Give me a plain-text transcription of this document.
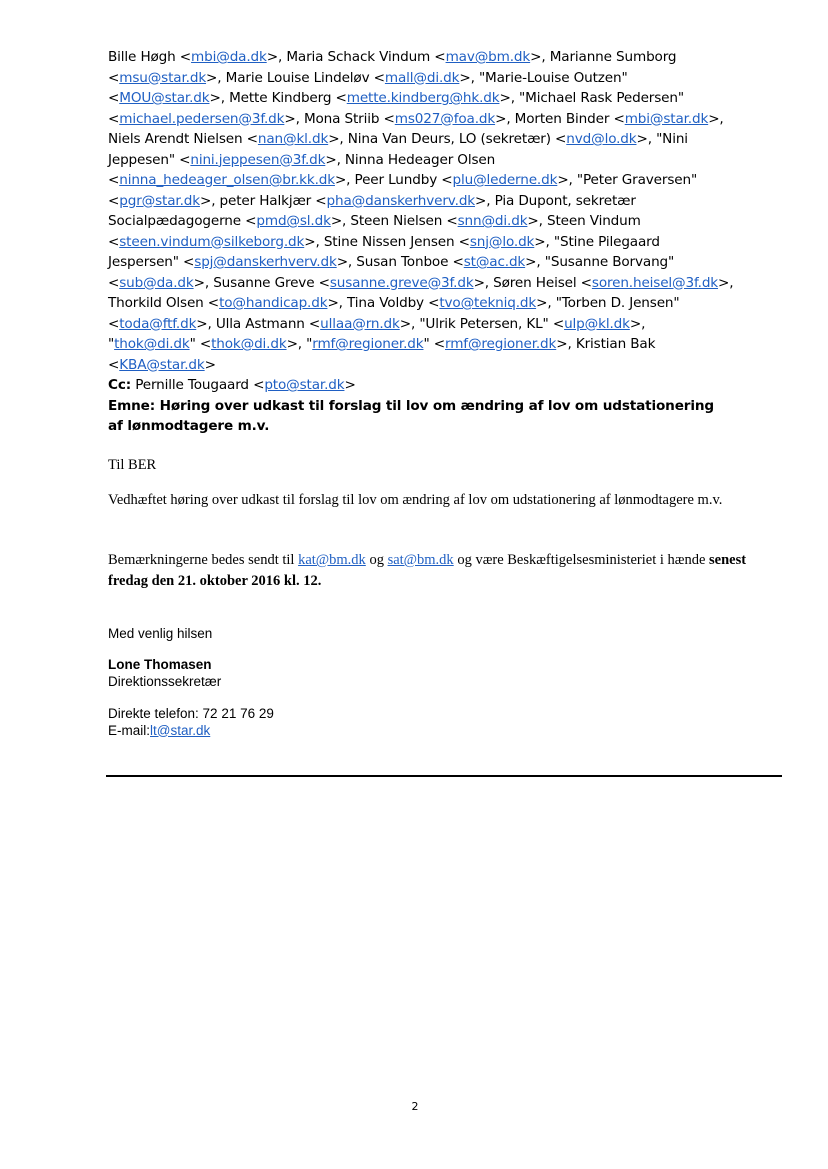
Bille Høgh <mbi@da.dk>, Maria Schack Vindum <mav@bm.dk>, Marianne Sumborg
<msu@star.dk>, Marie Louise Lindeløv <mall@di.dk>, "Marie-Louise Outzen"
<MOU@star.dk>, Mette Kindberg <mette.kindberg@hk.dk>, "Michael Rask Pedersen"
<michael.pedersen@3f.dk>, Mona Striib <ms027@foa.dk>, Morten Binder <mbi@star.dk>,
Niels Arendt Nielsen <nan@kl.dk>, Nina Van Deurs, LO (sekretær) <nvd@lo.dk>, "Nini
Jeppesen" <nini.jeppesen@3f.dk>, Ninna Hedeager Olsen
<ninna_hedeager_olsen@br.kk.dk>, Peer Lundby <plu@lederne.dk>, "Peter Graversen"
<pgr@star.dk>, peter Halkjær <pha@danskerhverv.dk>, Pia Dupont, sekretær
Socialpædagogerne <pmd@sl.dk>, Steen Nielsen <snn@di.dk>, Steen Vindum
<steen.vindum@silkeborg.dk>, Stine Nissen Jensen <snj@lo.dk>, "Stine Pilegaard
Jespersen" <spj@danskerhverv.dk>, Susan Tonboe <st@ac.dk>, "Susanne Borvang"
<sub@da.dk>, Susanne Greve <susanne.greve@3f.dk>, Søren Heisel <soren.heisel@3f.dk>,
Thorkild Olsen <to@handicap.dk>, Tina Voldby <tvo@tekniq.dk>, "Torben D. Jensen"
<toda@ftf.dk>, Ulla Astmann <ullaa@rn.dk>, "Ulrik Petersen, KL" <ulp@kl.dk>,
"thok@di.dk" <thok@di.dk>, "rmf@regioner.dk" <rmf@regioner.dk>, Kristian Bak
<KBA@star.dk>
Cc: Pernille Tougaard <pto@star.dk>
Emne: Høring over udkast til forslag til lov om ændring af lov om udstationering af lønmodtagere m.v.
Til BER
Vedhæftet høring over udkast til forslag til lov om ændring af lov om udstationering af lønmodtagere m.v.
Bemærkningerne bedes sendt til kat@bm.dk og sat@bm.dk og være Beskæftigelsesministeriet i hænde senest fredag den 21. oktober 2016 kl. 12.
Med venlig hilsen
Lone Thomasen
Direktionssekretær
Direkte telefon: 72 21 76 29
E-mail:lt@star.dk
2
